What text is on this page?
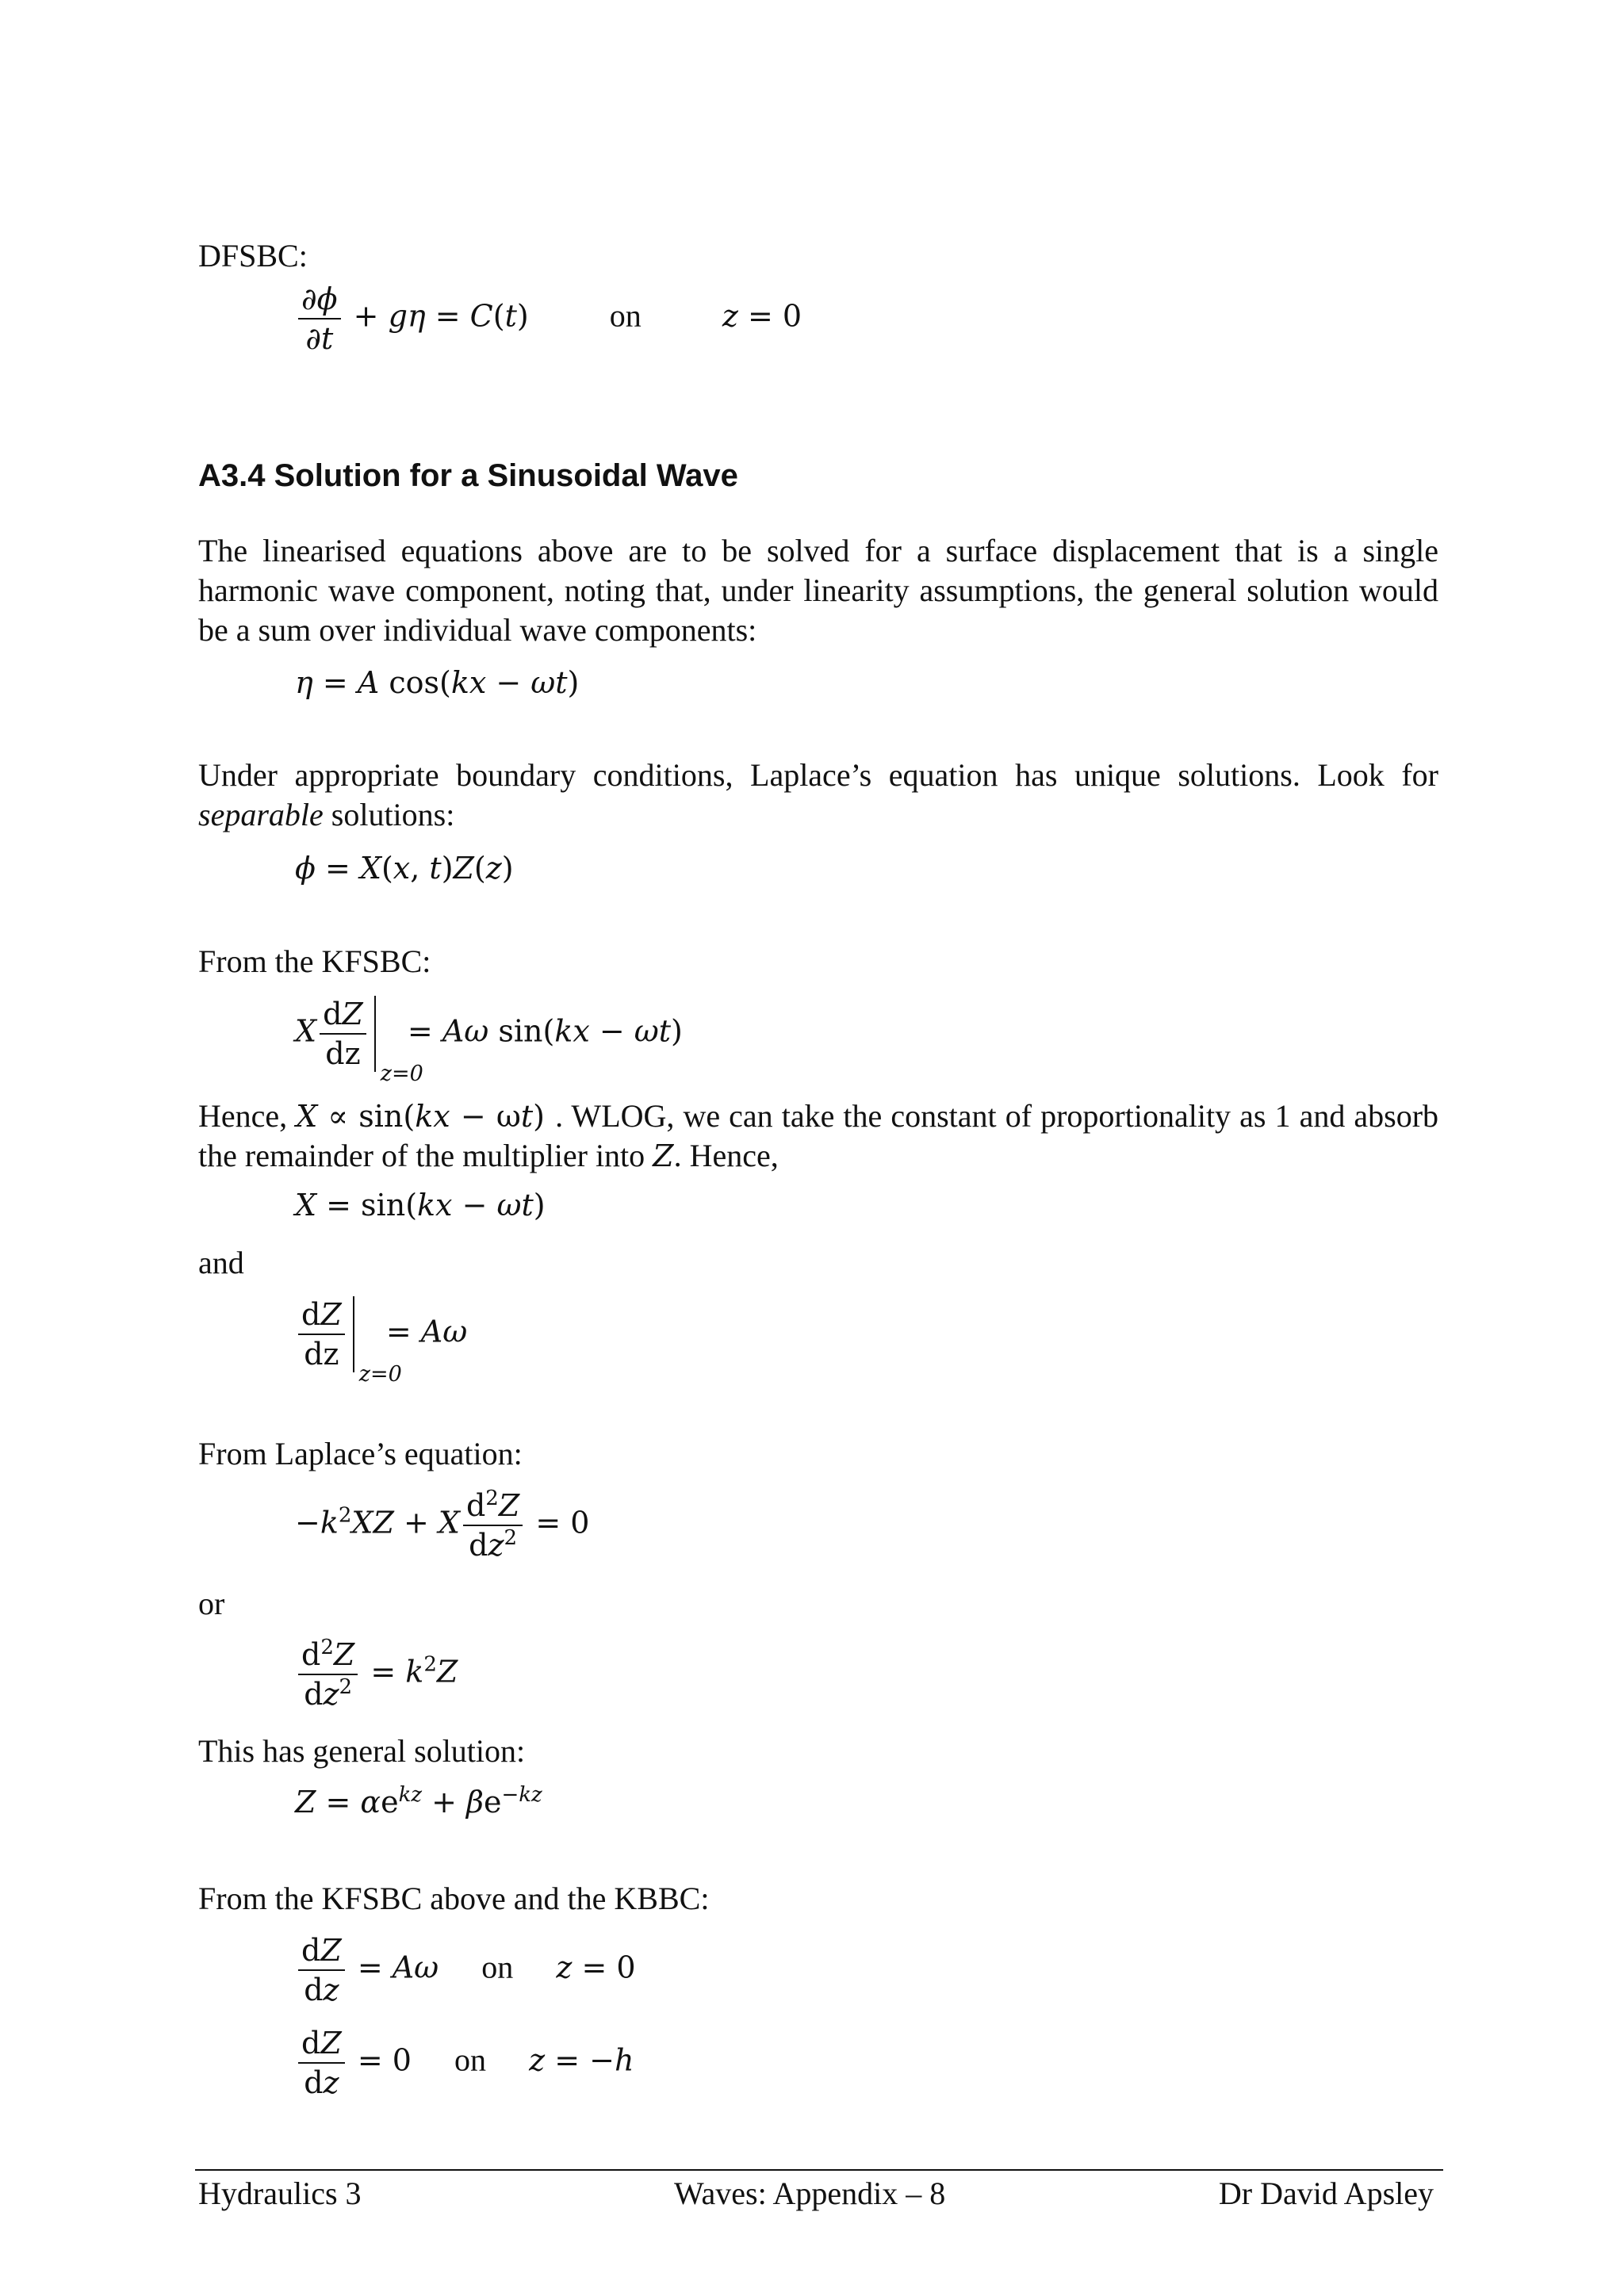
DFSBC:
$\frac{\partial\phi}{\partial t} + g\eta = C(t)$ on	z = 0
A3.4 Solution for a Sinusoidal Wave
The linearised equations above are to be solved for a surface displacement that is a single harmonic wave component, noting that, under linearity assumptions, the general solution would be a sum over individual wave components:
η = A cos(kx − ωt)
Under appropriate boundary conditions, Laplace’s equation has unique solutions. Look for separable solutions:
ϕ = X(x, t)Z(z)
From the KFSBC:
X $\frac{dZ}{dz}$
z=0
= Aω sin(kx − ωt)
Hence, X ∝ sin(kx − ωt) . WLOG, we can take the constant of proportionality as 1 and absorb the remainder of the multiplier into Z. Hence,
X = sin(kx − ωt)
and
$\frac{dZ}{dz}$
z=0
= Aω
From Laplace’s equation:
$-k^2XZ + X \frac{d^2Z}{dz^2} = 0$
or
$\frac{d^2Z}{dz^2} = k^2Z$
This has general solution:
$Z = \alpha e^{kz} + \beta e^{-kz}$
From the KFSBC above and the KBBC:
$\frac{dZ}{dz} = A\omega$ on z = 0
$\frac{dZ}{dz} = 0$ on z = −h
Hydraulics 3	Waves: Appendix – 8	Dr David Apsley
